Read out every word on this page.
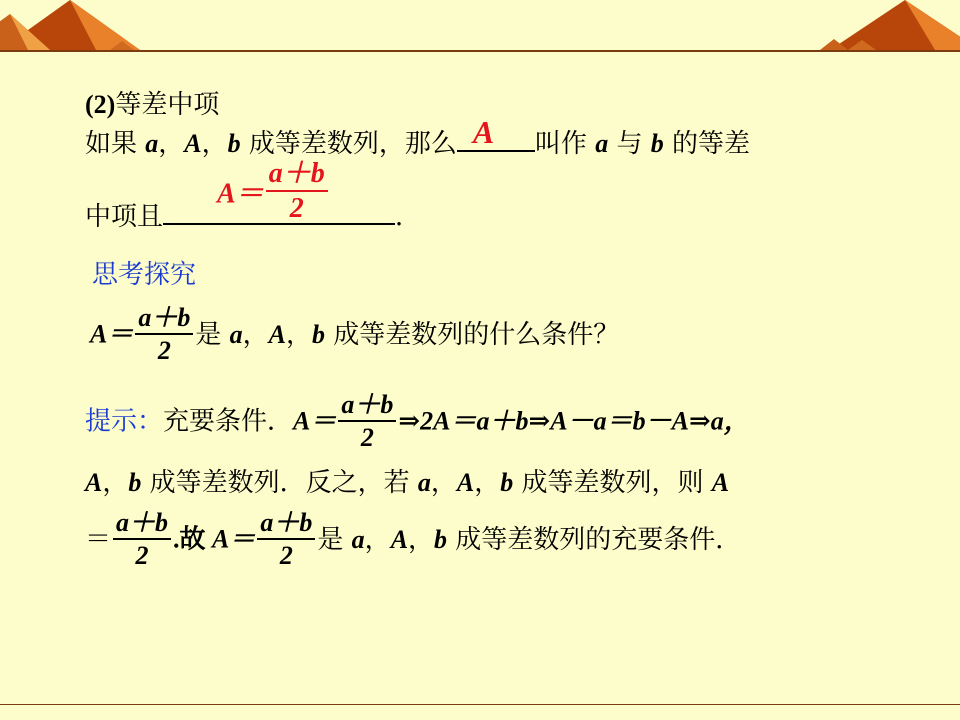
(2)等差中项
如果 a，A，b 成等差数列，那么 A 叫作 a 与 b 的等差
$A= \frac{a+b}{2}$
中项且	．
思考探究
$A= \frac{a+b}{2}$ 是 a，A，b 成等差数列的什么条件？
提示：充要条件．$A= \frac{a+b}{2}$ ⇒2A＝a＋b⇒A－a＝b－A⇒a，
A，b 成等差数列．反之，若 a，A，b 成等差数列，则 A
＝ $\frac{a+b}{2}$ .故 $A= \frac{a+b}{2}$ 是 a，A，b 成等差数列的充要条件．
